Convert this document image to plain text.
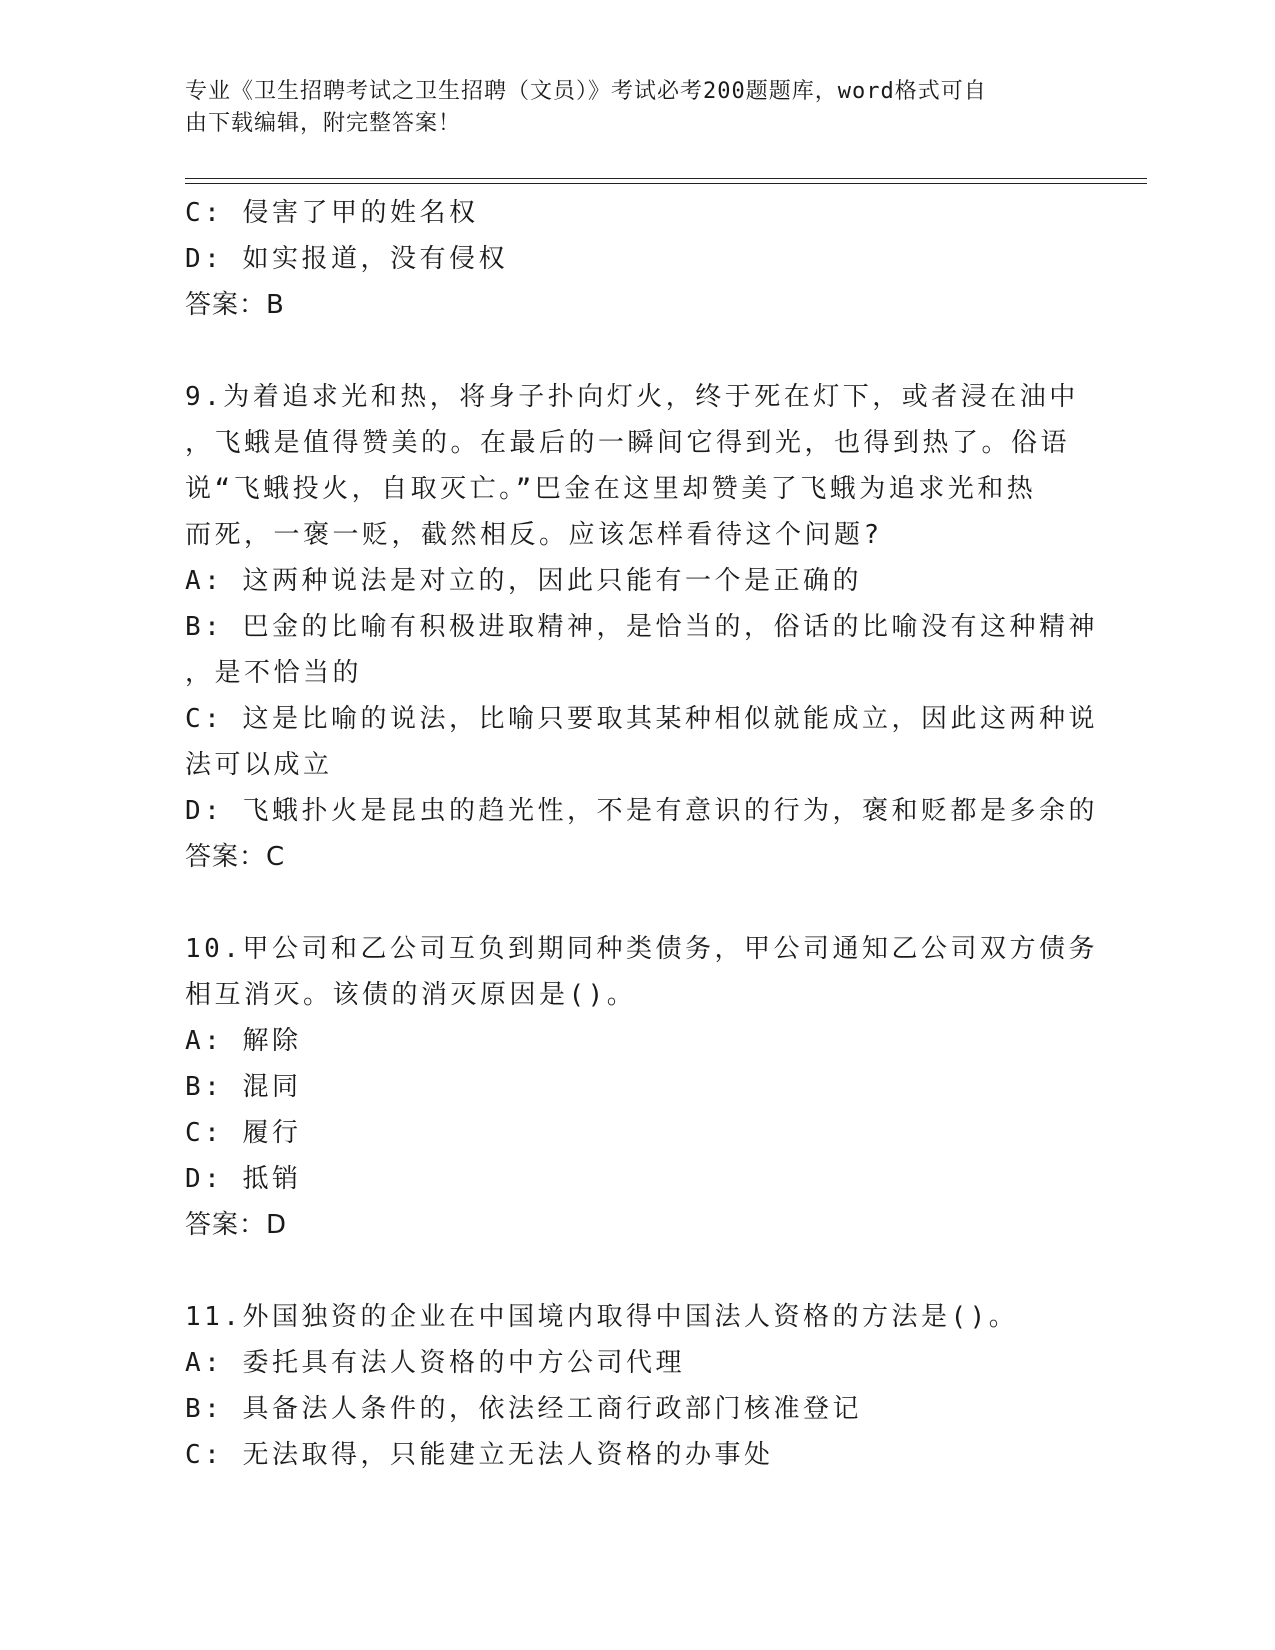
专业《卫生招聘考试之卫生招聘（文员）》考试必考200题题库，word格式可自
由下载编辑，附完整答案！
C: 侵害了甲的姓名权
D: 如实报道，没有侵权
答案：B
9.为着追求光和热，将身子扑向灯火，终于死在灯下，或者浸在油中
，飞蛾是值得赞美的。在最后的一瞬间它得到光，也得到热了。俗语
说“飞蛾投火，自取灭亡。”巴金在这里却赞美了飞蛾为追求光和热
而死，一褒一贬，截然相反。应该怎样看待这个问题?
A: 这两种说法是对立的，因此只能有一个是正确的
B: 巴金的比喻有积极进取精神，是恰当的，俗话的比喻没有这种精神
，是不恰当的
C: 这是比喻的说法，比喻只要取其某种相似就能成立，因此这两种说
法可以成立
D: 飞蛾扑火是昆虫的趋光性，不是有意识的行为，褒和贬都是多余的
答案：C
10.甲公司和乙公司互负到期同种类债务，甲公司通知乙公司双方债务
相互消灭。该债的消灭原因是()。
A: 解除
B: 混同
C: 履行
D: 抵销
答案：D
11.外国独资的企业在中国境内取得中国法人资格的方法是()。
A: 委托具有法人资格的中方公司代理
B: 具备法人条件的，依法经工商行政部门核准登记
C: 无法取得，只能建立无法人资格的办事处
